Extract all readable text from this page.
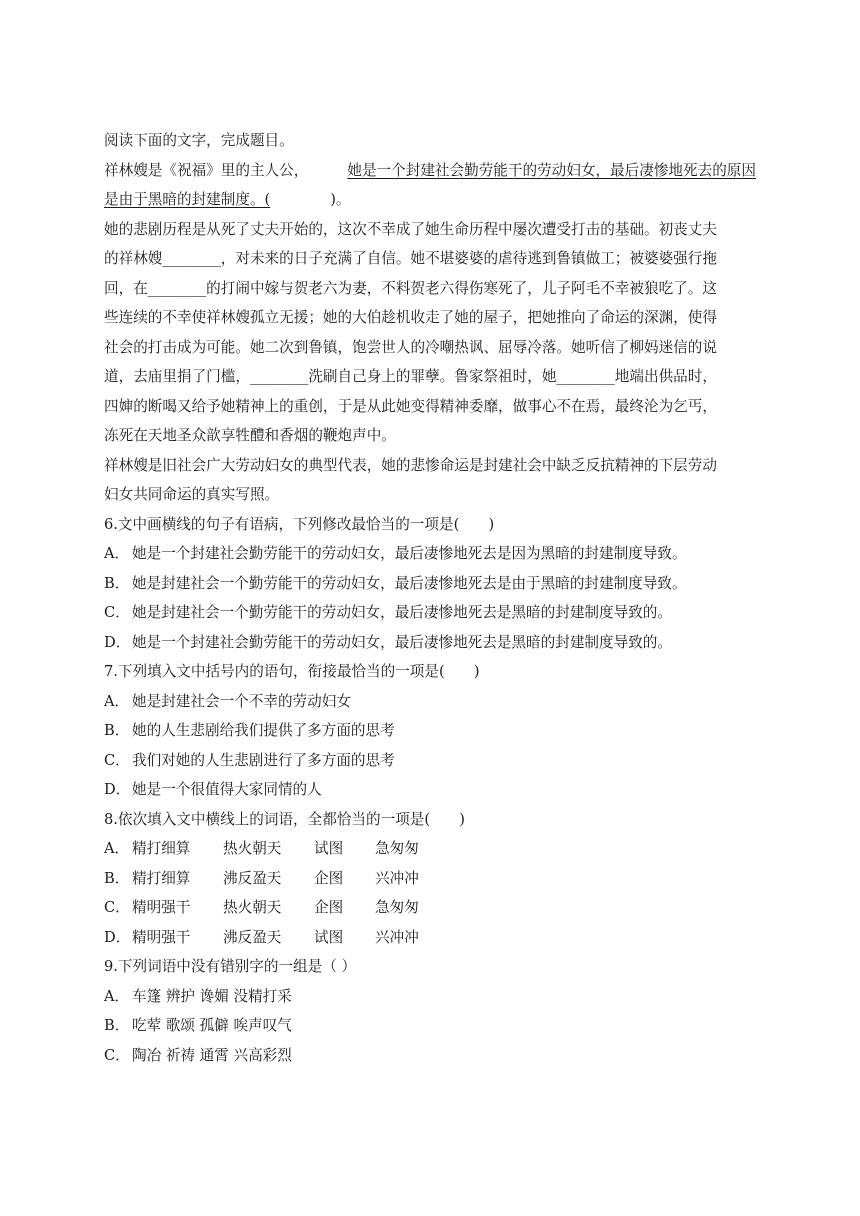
阅读下面的文字，完成题目。
祥林嫂是《祝福》里的主人公，	她是一个封建社会勤劳能干的劳动妇女，最后凄惨地死去的原因
是由于黑暗的封建制度。(	)。
她的悲剧历程是从死了丈夫开始的，这次不幸成了她生命历程中屡次遭受打击的基础。初丧丈夫
的祥林嫂________，对未来的日子充满了自信。她不堪婆婆的虐待逃到鲁镇做工；被婆婆强行拖
回，在________的打闹中嫁与贺老六为妻，不料贺老六得伤寒死了，儿子阿毛不幸被狼吃了。这
些连续的不幸使祥林嫂孤立无援；她的大伯趁机收走了她的屋子，把她推向了命运的深渊，使得
社会的打击成为可能。她二次到鲁镇，饱尝世人的冷嘲热讽、屈辱冷落。她听信了柳妈迷信的说
道，去庙里捐了门槛，________洗刷自己身上的罪孽。鲁家祭祖时，她________地端出供品时，
四婶的断喝又给予她精神上的重创，于是从此她变得精神委靡，做事心不在焉，最终沦为乞丐，
冻死在天地圣众歆享牲醴和香烟的鞭炮声中。
祥林嫂是旧社会广大劳动妇女的典型代表，她的悲惨命运是封建社会中缺乏反抗精神的下层劳动
妇女共同命运的真实写照。
6.文中画横线的句子有语病，下列修改最恰当的一项是(　　)
A． 她是一个封建社会勤劳能干的劳动妇女，最后凄惨地死去是因为黑暗的封建制度导致。
B． 她是封建社会一个勤劳能干的劳动妇女，最后凄惨地死去是由于黑暗的封建制度导致。
C． 她是封建社会一个勤劳能干的劳动妇女，最后凄惨地死去是黑暗的封建制度导致的。
D． 她是一个封建社会勤劳能干的劳动妇女，最后凄惨地死去是黑暗的封建制度导致的。
7.下列填入文中括号内的语句，衔接最恰当的一项是(　　)
A． 她是封建社会一个不幸的劳动妇女
B． 她的人生悲剧给我们提供了多方面的思考
C． 我们对她的人生悲剧进行了多方面的思考
D． 她是一个很值得大家同情的人
8.依次填入文中横线上的词语，全都恰当的一项是(　　)
A． 精打细算	热火朝天	试图	急匆匆
B． 精打细算	沸反盈天	企图	兴冲冲
C． 精明强干	热火朝天	企图	急匆匆
D． 精明强干	沸反盈天	试图	兴冲冲
9.下列词语中没有错别字的一组是（ ）
A． 车篷 辨护 谗媚 没精打采
B． 吃荤 歌颂 孤僻 唉声叹气
C． 陶冶 祈祷 通霄 兴高彩烈
